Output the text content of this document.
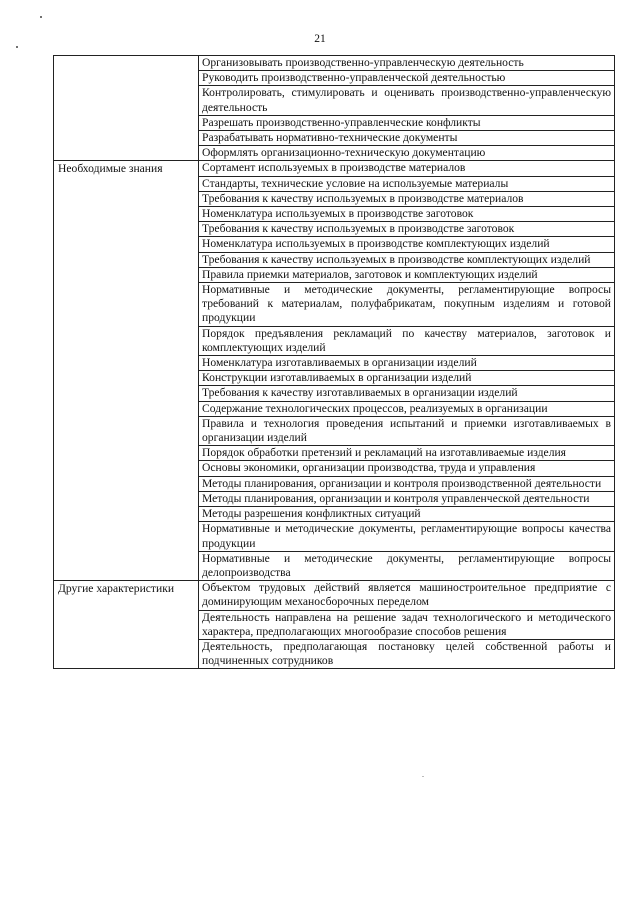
21
	Организовывать производственно-управленческую деятельность
	Руководить производственно-управленческой деятельностью
	Контролировать, стимулировать и оценивать производственно-управленческую деятельность
	Разрешать производственно-управленческие конфликты
	Разрабатывать нормативно-технические документы
	Оформлять организационно-техническую документацию
Необходимые знания	Сортамент используемых в производстве материалов
	Стандарты, технические условие на используемые материалы
	Требования к качеству используемых в производстве материалов
	Номенклатура используемых в производстве заготовок
	Требования к качеству используемых в производстве заготовок
	Номенклатура используемых в производстве комплектующих изделий
	Требования к качеству используемых в производстве комплектующих изделий
	Правила приемки материалов, заготовок и комплектующих изделий
	Нормативные и методические документы, регламентирующие вопросы требований к материалам, полуфабрикатам, покупным изделиям и готовой продукции
	Порядок предъявления рекламаций по качеству материалов, заготовок и комплектующих изделий
	Номенклатура изготавливаемых в организации изделий
	Конструкции изготавливаемых в организации изделий
	Требования к качеству изготавливаемых в организации изделий
	Содержание технологических процессов, реализуемых в организации
	Правила и технология проведения испытаний и приемки изготавливаемых в организации изделий
	Порядок обработки претензий и рекламаций на изготавливаемые изделия
	Основы экономики, организации производства, труда и управления
	Методы планирования, организации и контроля производственной деятельности
	Методы планирования, организации и контроля управленческой деятельности
	Методы разрешения конфликтных ситуаций
	Нормативные и методические документы, регламентирующие вопросы качества продукции
	Нормативные и методические документы, регламентирующие вопросы делопроизводства
Другие характеристики	Объектом трудовых действий является машиностроительное предприятие с доминирующим механосборочных переделом
	Деятельность направлена на решение задач технологического и методического характера, предполагающих многообразие способов решения
	Деятельность, предполагающая постановку целей собственной работы и подчиненных сотрудников
